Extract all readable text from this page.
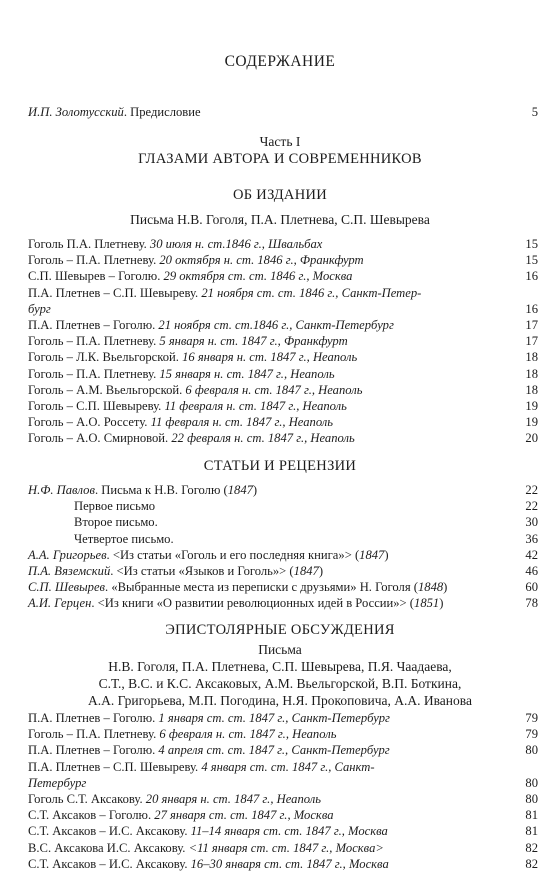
СОДЕРЖАНИЕ
И.П. Золотусский. Предисловие	5
Часть I
ГЛАЗАМИ АВТОРА И СОВРЕМЕННИКОВ
ОБ ИЗДАНИИ
Письма Н.В. Гоголя, П.А. Плетнева, С.П. Шевырева
Гоголь П.А. Плетневу. 30 июля н. ст.1846 г., Швальбах	15
Гоголь – П.А. Плетневу. 20 октября н. ст. 1846 г., Франкфурт	15
С.П. Шевырев – Гоголю. 29 октября ст. ст. 1846 г., Москва	16
П.А. Плетнев – С.П. Шевыреву. 21 ноября ст. ст. 1846 г., Санкт-Петер-
бург	16
П.А. Плетнев – Гоголю. 21 ноября ст. ст.1846 г., Санкт-Петербург	17
Гоголь – П.А. Плетневу. 5 января н. ст. 1847 г., Франкфурт	17
Гоголь – Л.К. Вьельгорской. 16 января н. ст. 1847 г., Неаполь	18
Гоголь – П.А. Плетневу. 15 января н. ст. 1847 г., Неаполь	18
Гоголь – А.М. Вьельгорской. 6 февраля н. ст. 1847 г., Неаполь	18
Гоголь – С.П. Шевыреву. 11 февраля н. ст. 1847 г., Неаполь	19
Гоголь – А.О. Россету. 11 февраля н. ст. 1847 г., Неаполь	19
Гоголь – А.О. Смирновой. 22 февраля н. ст. 1847 г., Неаполь	20
СТАТЬИ И РЕЦЕНЗИИ
Н.Ф. Павлов. Письма к Н.В. Гоголю (1847)	22
Первое письмо	22
Второе письмо.	30
Четвертое письмо.	36
А.А. Григорьев. <Из статьи «Гоголь и его последняя книга»> (1847)	42
П.А. Вяземский. <Из статьи «Языков и Гоголь»> (1847)	46
С.П. Шевырев. «Выбранные места из переписки с друзьями» Н. Гоголя (1848)	60
А.И. Герцен. <Из книги «О развитии революционных идей в России»> (1851)	78
ЭПИСТОЛЯРНЫЕ ОБСУЖДЕНИЯ
Письма
Н.В. Гоголя, П.А. Плетнева, С.П. Шевырева, П.Я. Чаадаева,
С.Т., В.С. и К.С. Аксаковых, А.М. Вьельгорской, В.П. Боткина,
А.А. Григорьева, М.П. Погодина, Н.Я. Прокоповича, А.А. Иванова
П.А. Плетнев – Гоголю. 1 января ст. ст. 1847 г., Санкт-Петербург	79
Гоголь – П.А. Плетневу. 6 февраля н. ст. 1847 г., Неаполь	79
П.А. Плетнев – Гоголю. 4 апреля ст. ст. 1847 г., Санкт-Петербург	80
П.А. Плетнев – С.П. Шевыреву. 4 января ст. ст. 1847 г., Санкт-
Петербург	80
Гоголь С.Т. Аксакову. 20 января н. ст. 1847 г., Неаполь	80
С.Т. Аксаков – Гоголю. 27 января ст. ст. 1847 г., Москва	81
С.Т. Аксаков – И.С. Аксакову. 11–14 января ст. ст. 1847 г., Москва	81
В.С. Аксакова И.С. Аксакову. <11 января ст. ст. 1847 г., Москва>	82
С.Т. Аксаков – И.С. Аксакову. 16–30 января ст. ст. 1847 г., Москва	82
